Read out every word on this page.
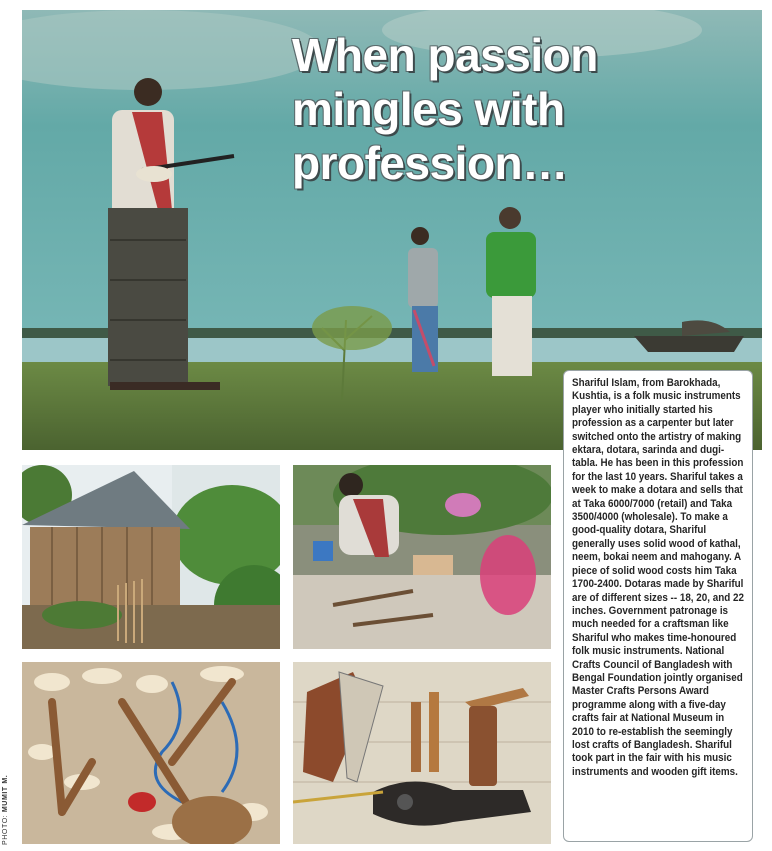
When passion mingles with profession…

Shariful Islam, from Barokhada, Kushtia, is a folk music instruments player who initially started his profession as a carpenter but later switched onto the artistry of making ektara, dotara, sarinda and dugi-tabla. He has been in this profession for the last 10 years. Shariful takes a week to make a dotara and sells that at Taka 6000/7000 (retail) and Taka 3500/4000 (wholesale). To make a good-quality dotara, Shariful generally uses solid wood of kathal, neem, bokai neem and mahogany. A piece of solid wood costs him Taka 1700-2400. Dotaras made by Shariful are of different sizes -- 18, 20, and 22 inches. Government patronage is much needed for a craftsman like Shariful who makes time-honoured folk music instruments. National Crafts Council of Bangladesh with Bengal Foundation jointly organised Master Crafts Persons Award programme along with a five-day crafts fair at National Museum in 2010 to re-establish the seemingly lost crafts of Bangladesh. Shariful took part in the fair with his music instruments and wooden gift items.

PHOTO: MUMIT M.
